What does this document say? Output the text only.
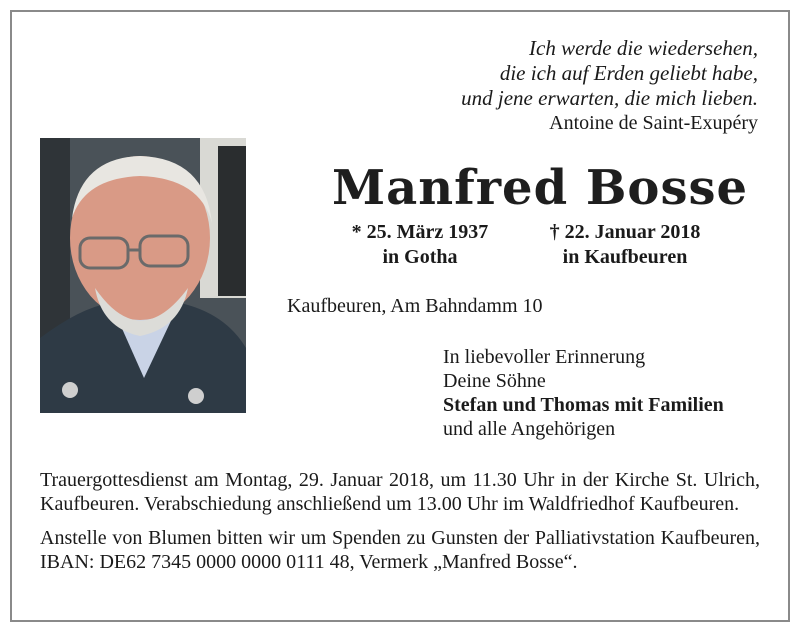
Ich werde die wiedersehen,
die ich auf Erden geliebt habe,
und jene erwarten, die mich lieben.
Antoine de Saint-Exupéry
Manfred Bosse
* 25. März 1937
in Gotha
† 22. Januar 2018
in Kaufbeuren
Kaufbeuren, Am Bahndamm 10
In liebevoller Erinnerung
Deine Söhne
Stefan und Thomas mit Familien
und alle Angehörigen

Trauergottesdienst am Montag, 29. Januar 2018, um 11.30 Uhr in der Kirche St. Ulrich, Kaufbeuren. Verabschiedung anschließend um 13.00 Uhr im Waldfriedhof Kaufbeuren.

Anstelle von Blumen bitten wir um Spenden zu Gunsten der Palliativstation Kaufbeuren, IBAN: DE62 7345 0000 0000 0111 48, Vermerk „Manfred Bosse“.
